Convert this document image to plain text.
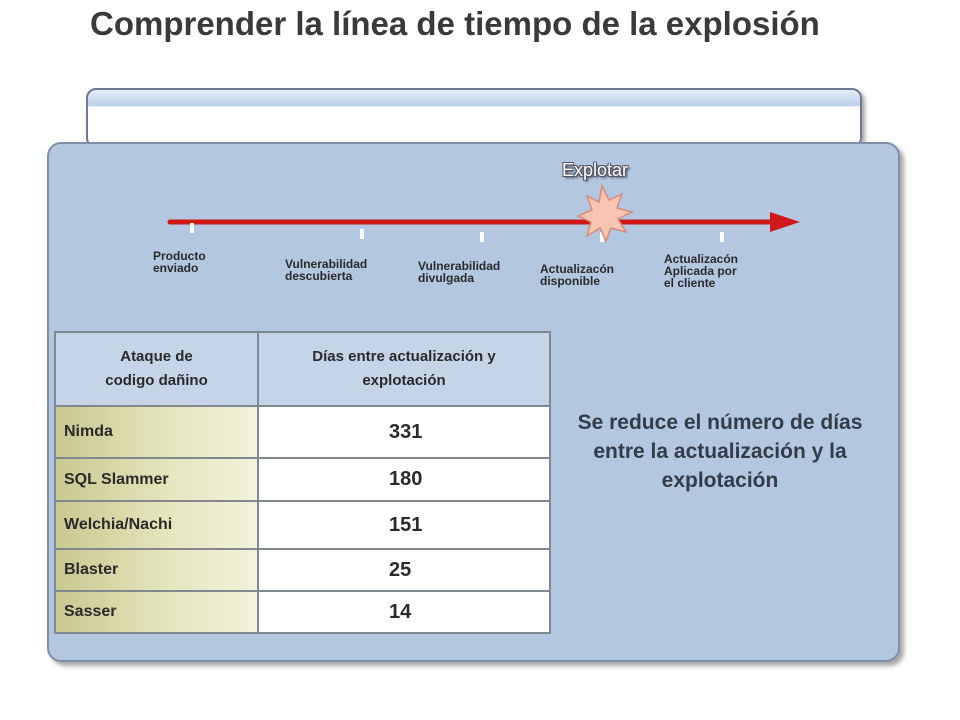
Comprender la línea de tiempo de la explosión
Explotar
Producto
enviado	Vulnerabilidad
descubierta
Vulnerabilidad
divulgada
Actualizacón
disponible
Actualizacón
Aplicada por
el cliente
Ataque de
codigo dañino	Días entre actualización y
explotación
Nimda	331
SQL Slammer	180
Welchia/Nachi	151
Blaster	25
Sasser	14
Se reduce el número de días entre la actualización y la explotación
